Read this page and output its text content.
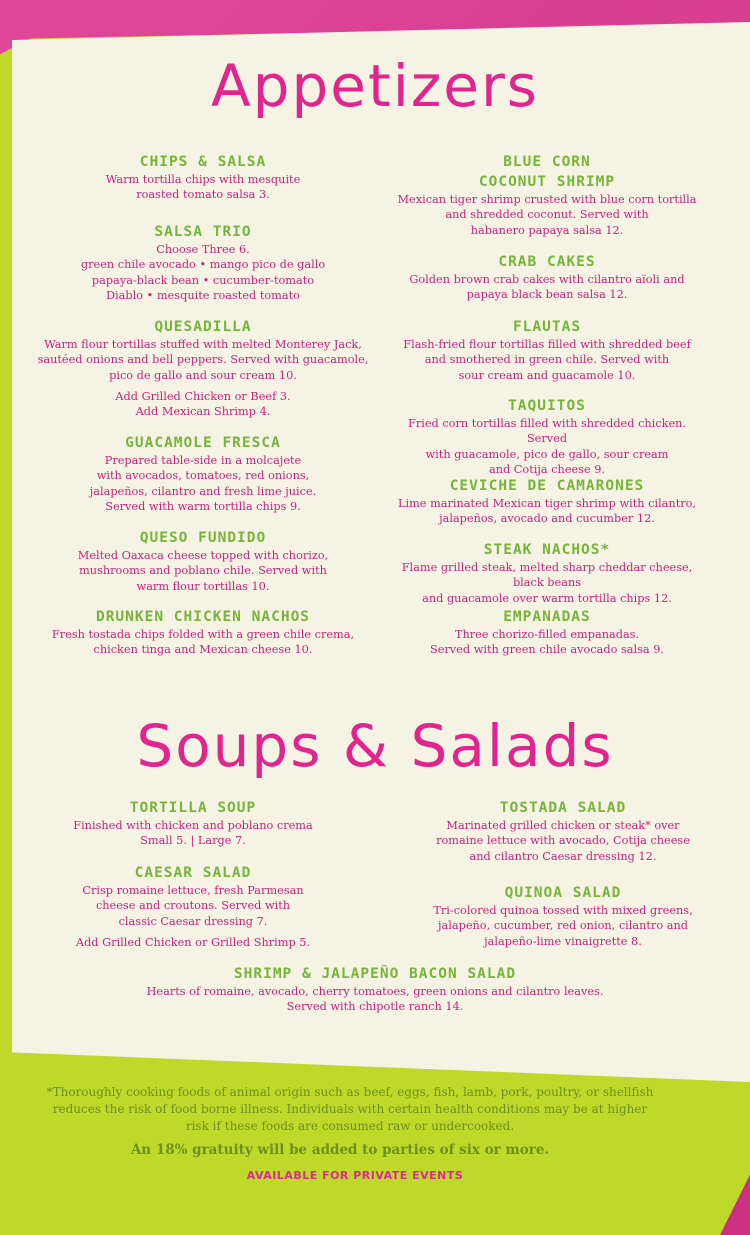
Appetizers
CHIPS & SALSA

Warm tortilla chips with mesquite
roasted tomato salsa 3.

SALSA TRIO

Choose Three 6.
green chile avocado • mango pico de gallo
papaya-black bean • cucumber-tomato
Diablo • mesquite roasted tomato

QUESADILLA

Warm flour tortillas stuffed with melted Monterey Jack,
sautéed onions and bell peppers. Served with guacamole,
pico de gallo and sour cream 10.

Add Grilled Chicken or Beef 3.
Add Mexican Shrimp 4.

GUACAMOLE FRESCA

Prepared table-side in a molcajete
with avocados, tomatoes, red onions,
jalapeños, cilantro and fresh lime juice.
Served with warm tortilla chips 9.

QUESO FUNDIDO

Melted Oaxaca cheese topped with chorizo,
mushrooms and poblano chile. Served with
warm flour tortillas 10.

DRUNKEN CHICKEN NACHOS

Fresh tostada chips folded with a green chile crema,
chicken tinga and Mexican cheese 10.

BLUE CORN
COCONUT SHRIMP

Mexican tiger shrimp crusted with blue corn tortilla
and shredded coconut. Served with
habanero papaya salsa 12.

CRAB CAKES

Golden brown crab cakes with cilantro aïoli and
papaya black bean salsa 12.

FLAUTAS

Flash-fried flour tortillas filled with shredded beef
and smothered in green chile. Served with
sour cream and guacamole 10.

TAQUITOS

Fried corn tortillas filled with shredded chicken. Served
with guacamole, pico de gallo, sour cream
and Cotija cheese 9.

CEVICHE DE CAMARONES

Lime marinated Mexican tiger shrimp with cilantro,
jalapeños, avocado and cucumber 12.

STEAK NACHOS*

Flame grilled steak, melted sharp cheddar cheese, black beans
and guacamole over warm tortilla chips 12.

EMPANADAS

Three chorizo-filled empanadas.
Served with green chile avocado salsa 9.

Soups & Salads
TORTILLA SOUP

Finished with chicken and poblano crema
Small 5. | Large 7.

CAESAR SALAD

Crisp romaine lettuce, fresh Parmesan
cheese and croutons. Served with
classic Caesar dressing 7.

Add Grilled Chicken or Grilled Shrimp 5.

TOSTADA SALAD

Marinated grilled chicken or steak* over
romaine lettuce with avocado, Cotija cheese
and cilantro Caesar dressing 12.

QUINOA SALAD

Tri-colored quinoa tossed with mixed greens,
jalapeño, cucumber, red onion, cilantro and
jalapeño-lime vinaigrette 8.

SHRIMP & JALAPEÑO BACON SALAD

Hearts of romaine, avocado, cherry tomatoes, green onions and cilantro leaves.
Served with chipotle ranch 14.

*Thoroughly cooking foods of animal origin such as beef, eggs, fish, lamb, pork, poultry, or shellfish reduces the risk of food borne illness. Individuals with certain health conditions may be at higher risk if these foods are consumed raw or undercooked.
An 18% gratuity will be added to parties of six or more.
AVAILABLE FOR PRIVATE EVENTS
